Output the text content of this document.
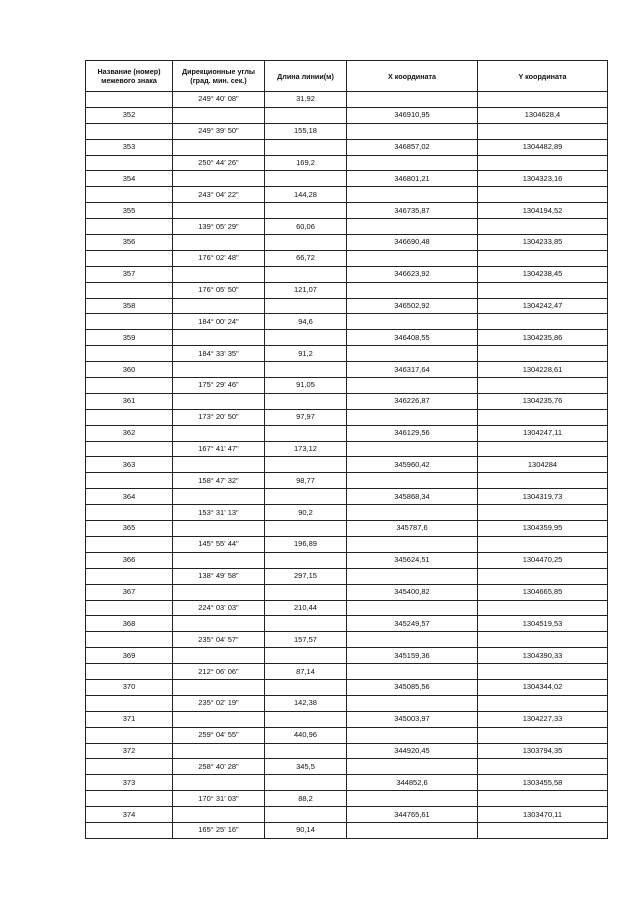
Название (номер) межевого знака	Дирекционные углы (град. мин. сек.)	Длина линии(м)	X координата	Y координата
	249° 40' 08"	31,92		
352			346910,95	1304628,4
	249° 39' 50"	155,18		
353			346857,02	1304482,89
	250° 44' 26"	169,2		
354			346801,21	1304323,16
	243° 04' 22"	144,28		
355			346735,87	1304194,52
	139° 05' 29"	60,06		
356			346690,48	1304233,85
	176° 02' 48"	66,72		
357			346623,92	1304238,45
	176° 05' 50"	121,07		
358			346502,92	1304242,47
	184° 00' 24"	94,6		
359			346408,55	1304235,86
	184° 33' 35"	91,2		
360			346317,64	1304228,61
	175° 29' 46"	91,05		
361			346226,87	1304235,76
	173° 20' 50"	97,97		
362			346129,56	1304247,11
	167° 41' 47"	173,12		
363			345960,42	1304284
	158° 47' 32"	98,77		
364			345868,34	1304319,73
	153° 31' 13"	90,2		
365			345787,6	1304359,95
	145° 55' 44"	196,89		
366			345624,51	1304470,25
	138° 49' 58"	297,15		
367			345400,82	1304665,85
	224° 03' 03"	210,44		
368			345249,57	1304519,53
	235° 04' 57"	157,57		
369			345159,36	1304390,33
	212° 06' 06"	87,14		
370			345085,56	1304344,02
	235° 02' 19"	142,38		
371			345003,97	1304227,33
	259° 04' 55"	440,96		
372			344920,45	1303794,35
	258° 40' 28"	345,5		
373			344852,6	1303455,58
	170° 31' 03"	88,2		
374			344765,61	1303470,11
	165° 25' 16"	90,14		
